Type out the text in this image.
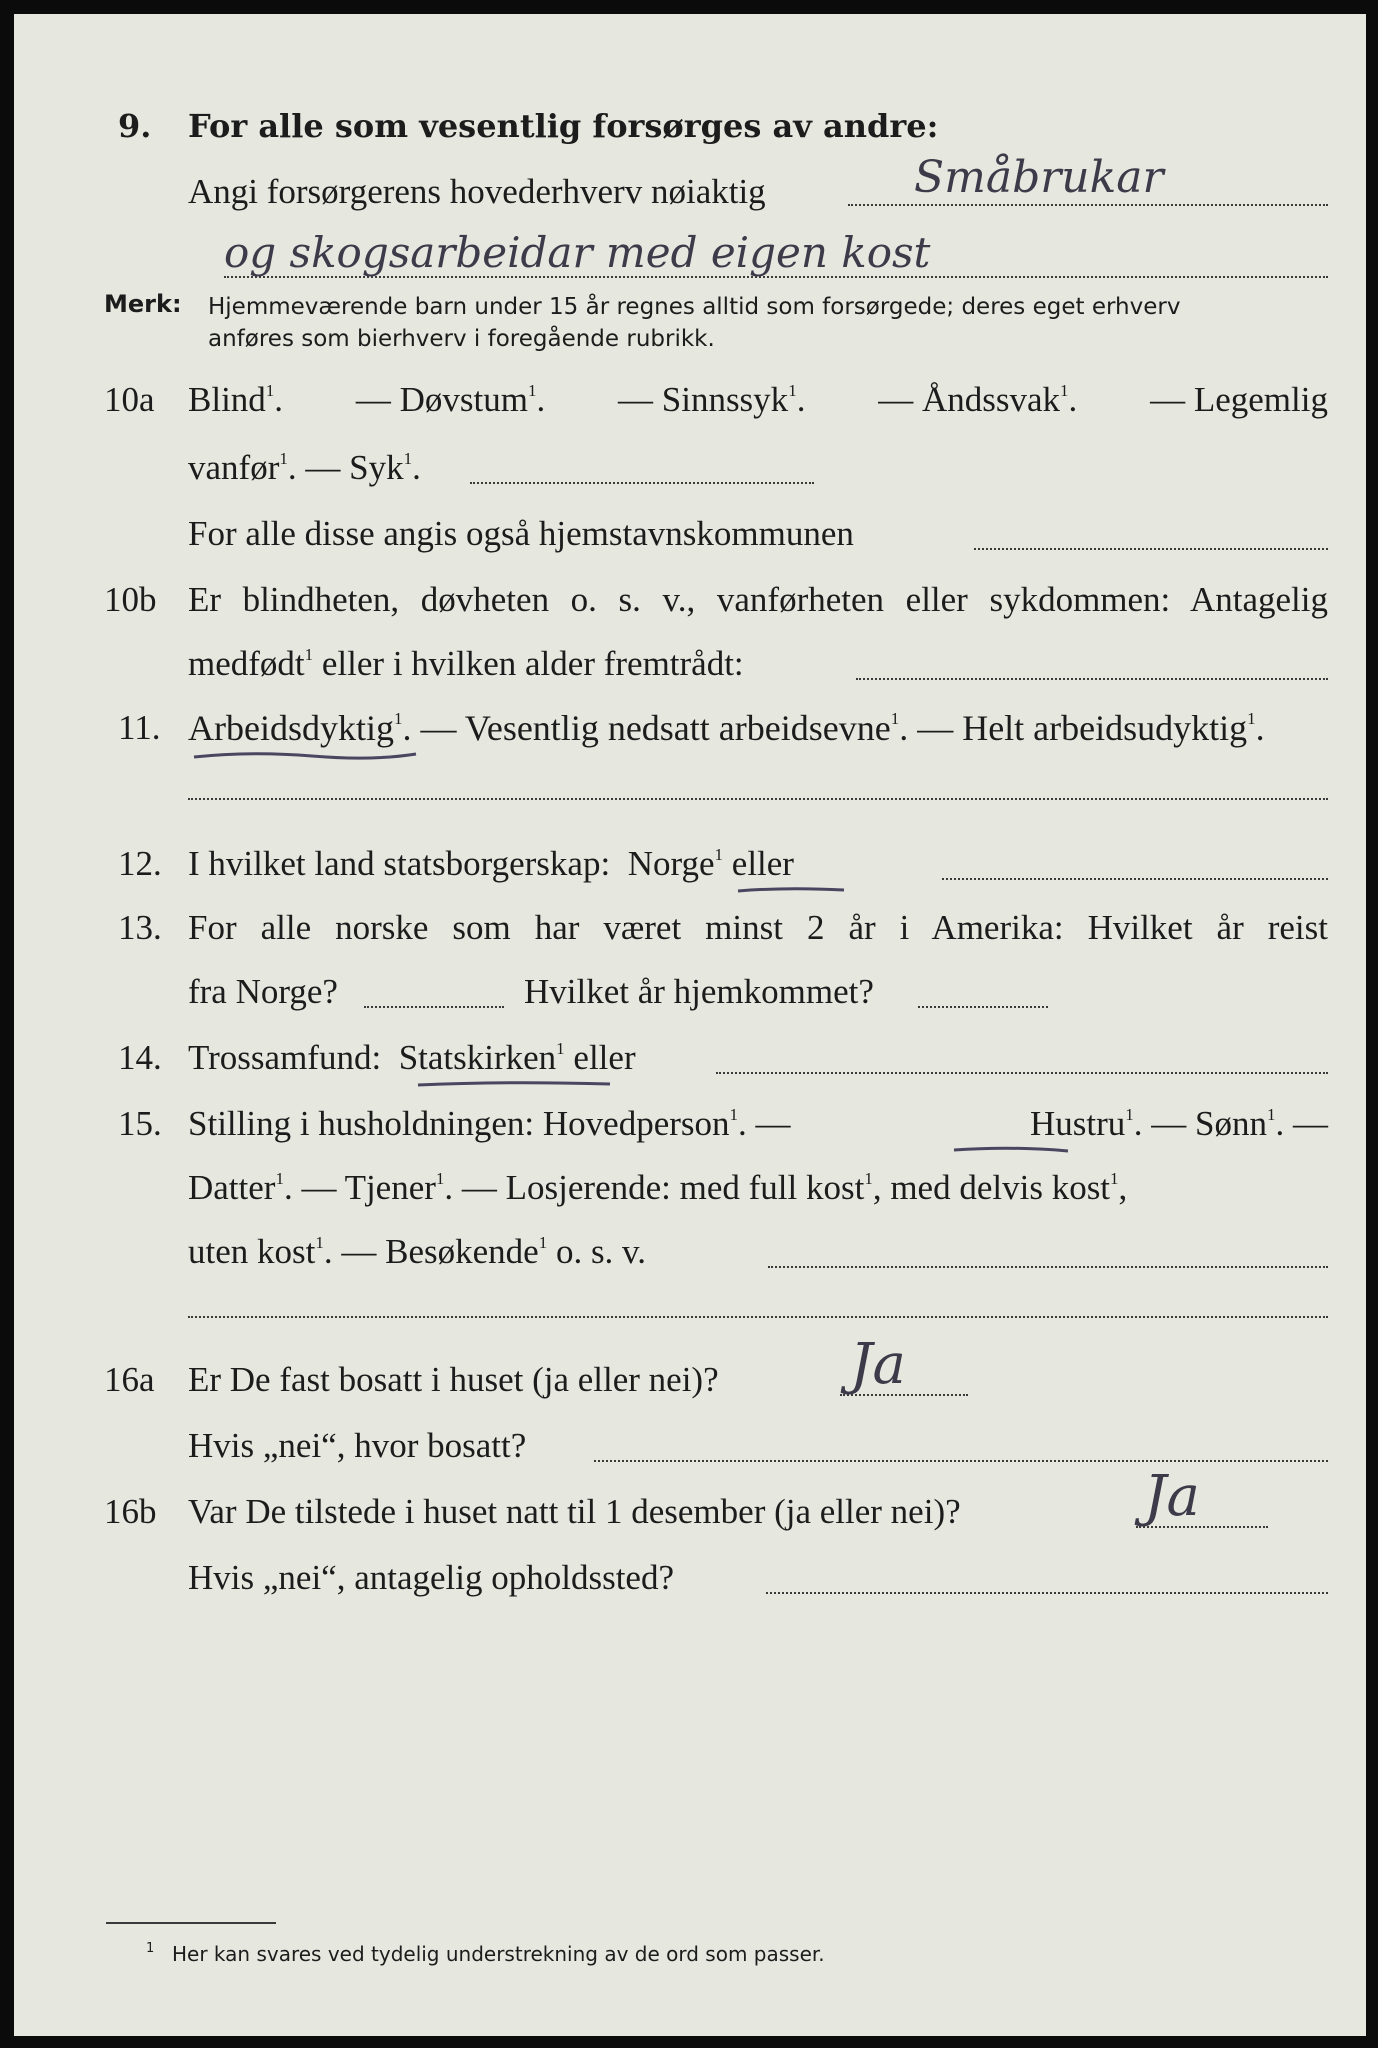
9. For alle som vesentlig forsørges av andre:
Angi forsørgerens hovederhverv nøiaktig	Småbrukar
og skogsarbeidar med eigen kost
Merk: Hjemmeværende barn under 15 år regnes alltid som forsørgede; deres eget erhverv
anføres som bierhverv i foregående rubrikk.
10a Blind$^1$. — Døvstum$^1$. — Sinnssyk$^1$. — Åndssvak$^1$. — Legemlig
vanfør$^1$. — Syk$^1$.
For alle disse angis også hjemstavnskommunen
10b Er blindheten, døvheten o. s. v., vanførheten eller sykdommen: Antagelig
medfødt$^1$ eller i hvilken alder fremtrådt:
11. Arbeidsdyktig$^1$. — Vesentlig nedsatt arbeidsevne$^1$. — Helt arbeidsudyktig$^1$.
12. I hvilket land statsborgerskap: Norge$^1$ eller
13. For alle norske som har været minst 2 år i Amerika: Hvilket år reist
fra Norge?	Hvilket år hjemkommet?
14. Trossamfund: Statskirken$^1$ eller
15. Stilling i husholdningen: Hovedperson$^1$. —	Hustru$^1$. — Sønn$^1$. —
Datter$^1$. — Tjener$^1$. — Losjerende: med full kost$^1$, med delvis kost$^1$,
uten kost$^1$. — Besøkende$^1$ o. s. v.
16a Er De fast bosatt i huset (ja eller nei)? Ja
Hvis „nei“, hvor bosatt?
16b Var De tilstede i huset natt til 1 desember (ja eller nei)?	Ja
Hvis „nei“, antagelig opholdssted?
1 Her kan svares ved tydelig understrekning av de ord som passer.
